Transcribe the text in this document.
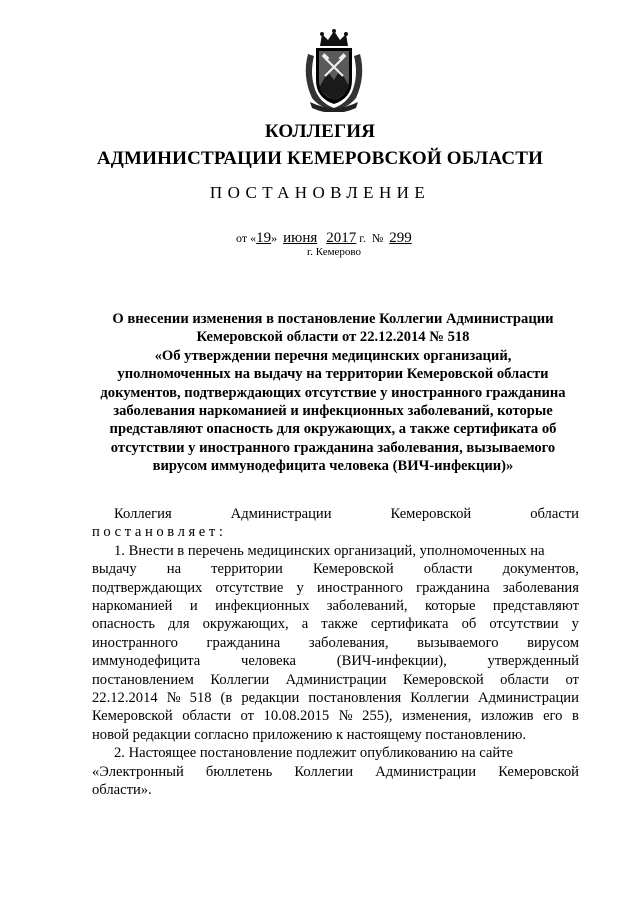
КОЛЛЕГИЯ
АДМИНИСТРАЦИИ КЕМЕРОВСКОЙ ОБЛАСТИ
ПОСТАНОВЛЕНИЕ
от «19» июня 2017 г. № 299
г. Кемерово
О внесении изменения в постановление Коллегии Администрации
Кемеровской области от 22.12.2014 № 518
«Об утверждении перечня медицинских организаций,
уполномоченных на выдачу на территории Кемеровской области
документов, подтверждающих отсутствие у иностранного гражданина
заболевания наркоманией и инфекционных заболеваний, которые
представляют опасность для окружающих, а также сертификата об
отсутствии у иностранного гражданина заболевания, вызываемого
вирусом иммунодефицита человека (ВИЧ-инфекции)»
Коллегия	Администрации	Кемеровской	области
постановляет:
1. Внести в перечень медицинских организаций, уполномоченных на
выдачу на территории Кемеровской области документов,
подтверждающих отсутствие у иностранного гражданина заболевания
наркоманией и инфекционных заболеваний, которые представляют
опасность для окружающих, а также сертификата об отсутствии у
иностранного гражданина заболевания, вызываемого вирусом
иммунодефицита	человека	(ВИЧ-инфекции),	утвержденный
постановлением Коллегии Администрации Кемеровской области от
22.12.2014 № 518 (в редакции постановления Коллегии Администрации
Кемеровской области от 10.08.2015 № 255), изменения, изложив его в
новой редакции согласно приложению к настоящему постановлению.
2. Настоящее постановление подлежит опубликованию на сайте
«Электронный бюллетень Коллегии Администрации Кемеровской
области».
